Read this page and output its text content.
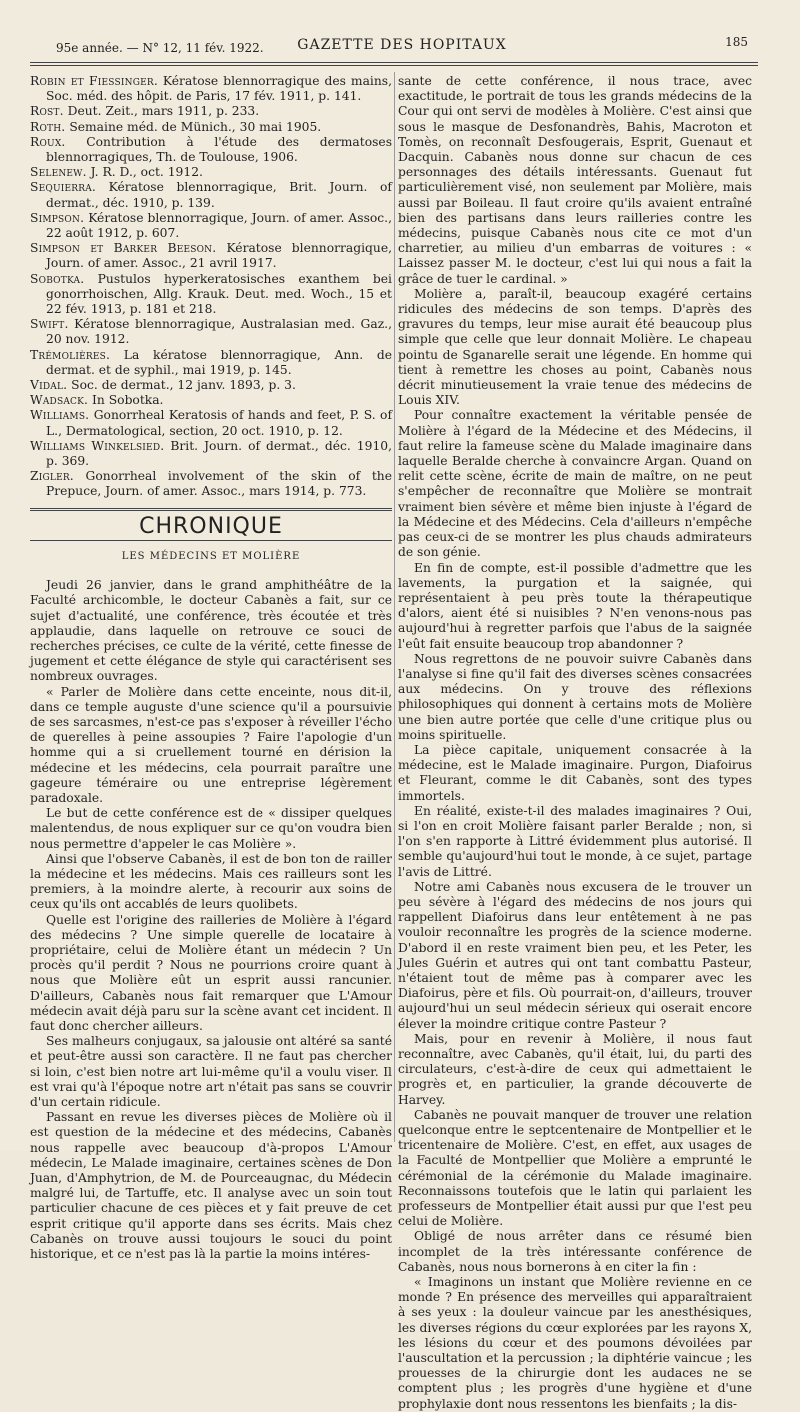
95e année. — N° 12, 11 fév. 1922.	GAZETTE DES HOPITAUX	185

Robin et Fiessinger. Kératose blennorragique des mains, Soc. méd. des hôpit. de Paris, 17 fév. 1911, p. 141.

Rost. Deut. Zeit., mars 1911, p. 233.

Roth. Semaine méd. de Münich., 30 mai 1905.

Roux. Contribution à l'étude des dermatoses blennorragiques, Th. de Toulouse, 1906.

Selenew. J. R. D., oct. 1912.

Sequierra. Kératose blennorragique, Brit. Journ. of dermat., déc. 1910, p. 139.

Simpson. Kératose blennorragique, Journ. of amer. Assoc., 22 août 1912, p. 607.

Simpson et Barker Beeson. Kératose blennorragique, Journ. of amer. Assoc., 21 avril 1917.

Sobotka. Pustulos hyperkeratosisches exanthem bei gonorrhoischen, Allg. Krauk. Deut. med. Woch., 15 et 22 fév. 1913, p. 181 et 218.

Swift. Kératose blennorragique, Australasian med. Gaz., 20 nov. 1912.

Trémolières. La kératose blennorragique, Ann. de dermat. et de syphil., mai 1919, p. 145.

Vidal. Soc. de dermat., 12 janv. 1893, p. 3.

Wadsack. In Sobotka.

Williams. Gonorrheal Keratosis of hands and feet, P. S. of L., Dermatological, section, 20 oct. 1910, p. 12.

Williams Winkelsied. Brit. Journ. of dermat., déc. 1910, p. 369.

Zigler. Gonorrheal involvement of the skin of the Prepuce, Journ. of amer. Assoc., mars 1914, p. 773.

CHRONIQUE
LES MÉDECINS ET MOLIÈRE

Jeudi 26 janvier, dans le grand amphithéâtre de la Faculté archicomble, le docteur Cabanès a fait, sur ce sujet d'actualité, une conférence, très écoutée et très applaudie, dans laquelle on retrouve ce souci de recherches précises, ce culte de la vérité, cette finesse de jugement et cette élégance de style qui caractérisent ses nombreux ouvrages.

« Parler de Molière dans cette enceinte, nous dit-il, dans ce temple auguste d'une science qu'il a poursuivie de ses sarcasmes, n'est-ce pas s'exposer à réveiller l'écho de querelles à peine assoupies ? Faire l'apologie d'un homme qui a si cruellement tourné en dérision la médecine et les médecins, cela pourrait paraître une gageure téméraire ou une entreprise légèrement paradoxale.

Le but de cette conférence est de « dissiper quelques malentendus, de nous expliquer sur ce qu'on voudra bien nous permettre d'appeler le cas Molière ».

Ainsi que l'observe Cabanès, il est de bon ton de railler la médecine et les médecins. Mais ces railleurs sont les premiers, à la moindre alerte, à recourir aux soins de ceux qu'ils ont accablés de leurs quolibets.

Quelle est l'origine des railleries de Molière à l'égard des médecins ? Une simple querelle de locataire à propriétaire, celui de Molière étant un médecin ? Un procès qu'il perdit ? Nous ne pourrions croire quant à nous que Molière eût un esprit aussi rancunier. D'ailleurs, Cabanès nous fait remarquer que L'Amour médecin avait déjà paru sur la scène avant cet incident. Il faut donc chercher ailleurs.

Ses malheurs conjugaux, sa jalousie ont altéré sa santé et peut-être aussi son caractère. Il ne faut pas chercher si loin, c'est bien notre art lui-même qu'il a voulu viser. Il est vrai qu'à l'époque notre art n'était pas sans se couvrir d'un certain ridicule.

Passant en revue les diverses pièces de Molière où il est question de la médecine et des médecins, Cabanès nous rappelle avec beaucoup d'à-propos L'Amour médecin, Le Malade imaginaire, certaines scènes de Don Juan, d'Amphytrion, de M. de Pourceaugnac, du Médecin malgré lui, de Tartuffe, etc. Il analyse avec un soin tout particulier chacune de ces pièces et y fait preuve de cet esprit critique qu'il apporte dans ses écrits. Mais chez Cabanès on trouve aussi toujours le souci du point historique, et ce n'est pas là la partie la moins intéres-

sante de cette conférence, il nous trace, avec exactitude, le portrait de tous les grands médecins de la Cour qui ont servi de modèles à Molière. C'est ainsi que sous le masque de Desfonandrès, Bahis, Macroton et Tomès, on reconnaît Desfougerais, Esprit, Guenaut et Dacquin. Cabanès nous donne sur chacun de ces personnages des détails intéressants. Guenaut fut particulièrement visé, non seulement par Molière, mais aussi par Boileau. Il faut croire qu'ils avaient entraîné bien des partisans dans leurs railleries contre les médecins, puisque Cabanès nous cite ce mot d'un charretier, au milieu d'un embarras de voitures : « Laissez passer M. le docteur, c'est lui qui nous a fait la grâce de tuer le cardinal. »

Molière a, paraît-il, beaucoup exagéré certains ridicules des médecins de son temps. D'après des gravures du temps, leur mise aurait été beaucoup plus simple que celle que leur donnait Molière. Le chapeau pointu de Sganarelle serait une légende. En homme qui tient à remettre les choses au point, Cabanès nous décrit minutieusement la vraie tenue des médecins de Louis XIV.

Pour connaître exactement la véritable pensée de Molière à l'égard de la Médecine et des Médecins, il faut relire la fameuse scène du Malade imaginaire dans laquelle Beralde cherche à convaincre Argan. Quand on relit cette scène, écrite de main de maître, on ne peut s'empêcher de reconnaître que Molière se montrait vraiment bien sévère et même bien injuste à l'égard de la Médecine et des Médecins. Cela d'ailleurs n'empêche pas ceux-ci de se montrer les plus chauds admirateurs de son génie.

En fin de compte, est-il possible d'admettre que les lavements, la purgation et la saignée, qui représentaient à peu près toute la thérapeutique d'alors, aient été si nuisibles ? N'en venons-nous pas aujourd'hui à regretter parfois que l'abus de la saignée l'eût fait ensuite beaucoup trop abandonner ?

Nous regrettons de ne pouvoir suivre Cabanès dans l'analyse si fine qu'il fait des diverses scènes consacrées aux médecins. On y trouve des réflexions philosophiques qui donnent à certains mots de Molière une bien autre portée que celle d'une critique plus ou moins spirituelle.

La pièce capitale, uniquement consacrée à la médecine, est le Malade imaginaire. Purgon, Diafoirus et Fleurant, comme le dit Cabanès, sont des types immortels.

En réalité, existe-t-il des malades imaginaires ? Oui, si l'on en croit Molière faisant parler Beralde ; non, si l'on s'en rapporte à Littré évidemment plus autorisé. Il semble qu'aujourd'hui tout le monde, à ce sujet, partage l'avis de Littré.

Notre ami Cabanès nous excusera de le trouver un peu sévère à l'égard des médecins de nos jours qui rappellent Diafoirus dans leur entêtement à ne pas vouloir reconnaître les progrès de la science moderne. D'abord il en reste vraiment bien peu, et les Peter, les Jules Guérin et autres qui ont tant combattu Pasteur, n'étaient tout de même pas à comparer avec les Diafoirus, père et fils. Où pourrait-on, d'ailleurs, trouver aujourd'hui un seul médecin sérieux qui oserait encore élever la moindre critique contre Pasteur ?

Mais, pour en revenir à Molière, il nous faut reconnaître, avec Cabanès, qu'il était, lui, du parti des circulateurs, c'est-à-dire de ceux qui admettaient le progrès et, en particulier, la grande découverte de Harvey.

Cabanès ne pouvait manquer de trouver une relation quelconque entre le septcentenaire de Montpellier et le tricentenaire de Molière. C'est, en effet, aux usages de la Faculté de Montpellier que Molière a emprunté le cérémonial de la cérémonie du Malade imaginaire. Reconnaissons toutefois que le latin qui parlaient les professeurs de Montpellier était aussi pur que l'est peu celui de Molière.

Obligé de nous arrêter dans ce résumé bien incomplet de la très intéressante conférence de Cabanès, nous nous bornerons à en citer la fin :

« Imaginons un instant que Molière revienne en ce monde ? En présence des merveilles qui apparaîtraient à ses yeux : la douleur vaincue par les anesthésiques, les diverses régions du cœur explorées par les rayons X, les lésions du cœur et des poumons dévoilées par l'auscultation et la percussion ; la diphtérie vaincue ; les prouesses de la chirurgie dont les audaces ne se comptent plus ; les progrès d'une hygiène et d'une prophylaxie dont nous ressentons les bienfaits ; la dis-
